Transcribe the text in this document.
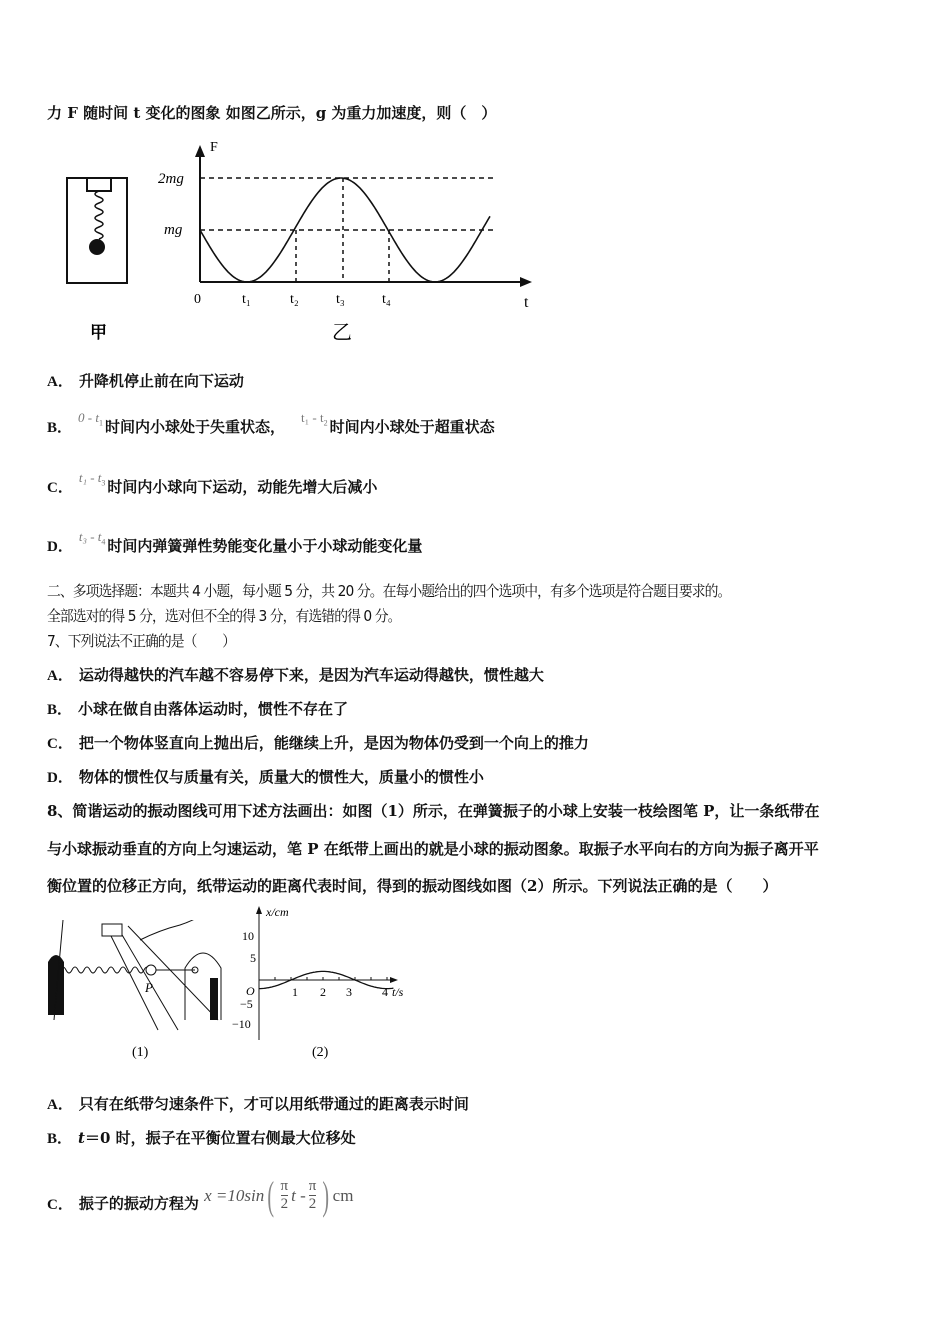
力 F 随时间 t 变化的图象 如图乙所示，g 为重力加速度，则（　）
甲
F
t
2mg
mg
0	t₁	t₂	t₃	t₄
乙
A． 升降机停止前在向下运动
B．$0 - t_1$ 时间内小球处于失重状态，$t_1 - t_2$ 时间内小球处于超重状态
C．$t_1 - t_3$ 时间内小球向下运动，动能先增大后减小
D．$t_3 - t_4$ 时间内弹簧弹性势能变化量小于小球动能变化量
二、多项选择题：本题共 4 小题，每小题 5 分，共 20 分。在每小题给出的四个选项中，有多个选项是符合题目要求的。
全部选对的得 5 分，选对但不全的得 3 分，有选错的得 0 分。
7、下列说法不正确的是（　　）
A． 运动得越快的汽车越不容易停下来，是因为汽车运动得越快，惯性越大
B． 小球在做自由落体运动时，惯性不存在了
C． 把一个物体竖直向上抛出后，能继续上升，是因为物体仍受到一个向上的推力
D． 物体的惯性仅与质量有关，质量大的惯性大，质量小的惯性小
8、简谐运动的振动图线可用下述方法画出：如图（1）所示，在弹簧振子的小球上安装一枝绘图笔 P，让一条纸带在
与小球振动垂直的方向上匀速运动，笔 P 在纸带上画出的就是小球的振动图象。取振子水平向右的方向为振子离开平
衡位置的位移正方向，纸带运动的距离代表时间，得到的振动图线如图（2）所示。下列说法正确的是（　　）
P
(1)
x/cm
t/s
O
10
5
−5
−10
1 2 3	4
(2)
A． 只有在纸带匀速条件下，才可以用纸带通过的距离表示时间
B． t＝0 时，振子在平衡位置右侧最大位移处
C． 振子的振动方程为 x =10sin ( $\frac{\pi}{2}$ t - $\frac{\pi}{2}$ ) cm
